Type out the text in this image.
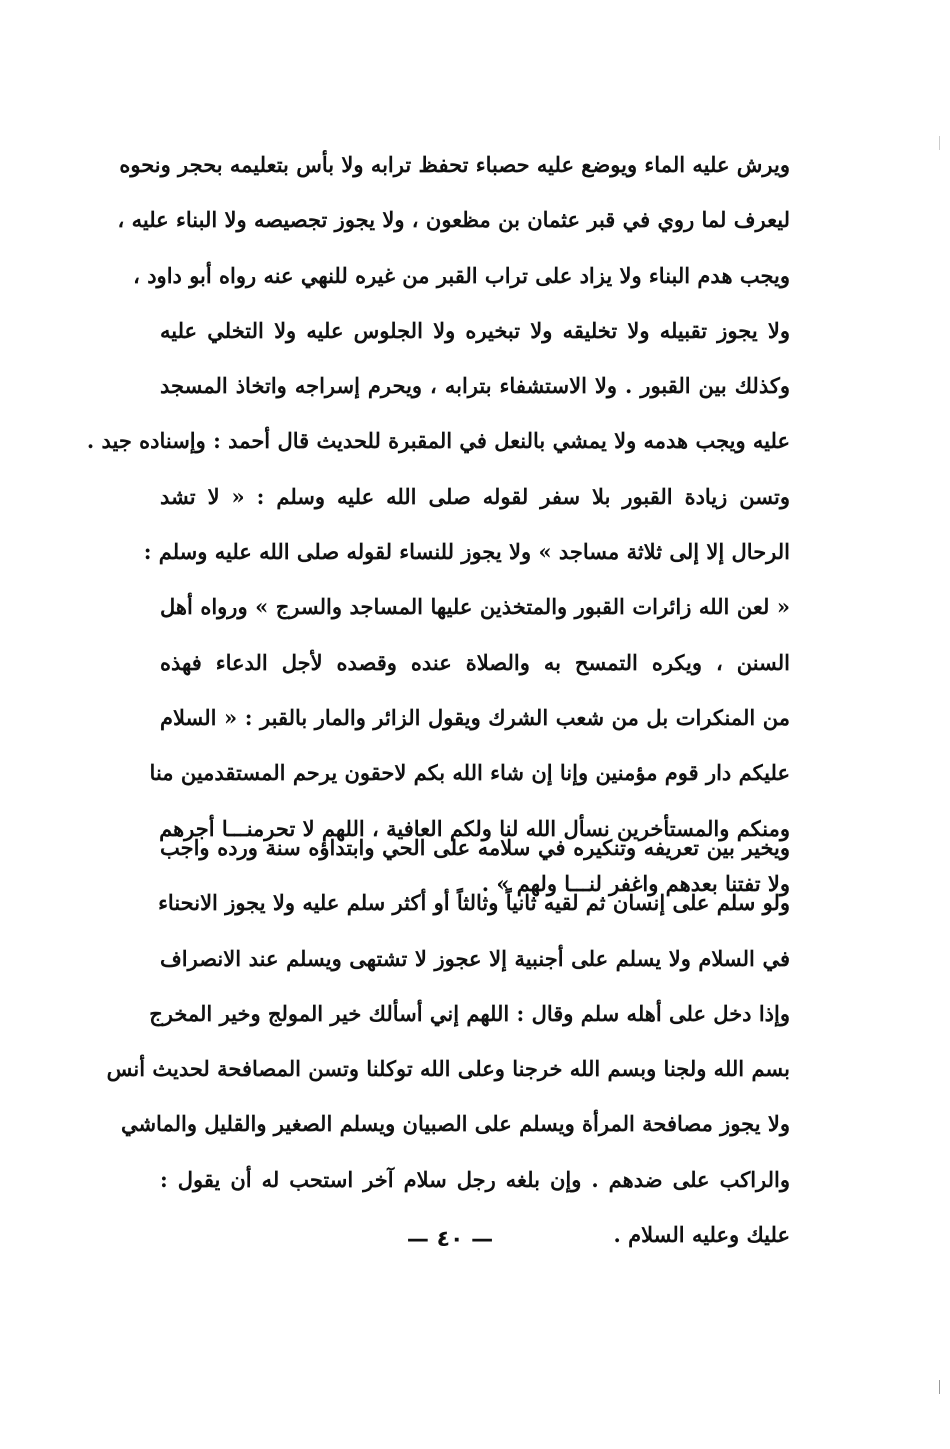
ويرش عليه الماء ويوضع عليه حصباء تحفظ ترابه ولا بأس بتعليمه بحجر ونحوه
ليعرف لما روي في قبر عثمان بن مظعون ، ولا يجوز تجصيصه ولا البناء عليه ،
ويجب هدم البناء ولا يزاد على تراب القبر من غيره للنهي عنه رواه أبو داود ،
ولا يجوز تقبيله ولا تخليقه ولا تبخيره ولا الجلوس عليه ولا التخلي عليه
وكذلك بين القبور . ولا الاستشفاء بترابه ، ويحرم إسراجه واتخاذ المسجد
عليه ويجب هدمه ولا يمشي بالنعل في المقبرة للحديث قال أحمد : وإسناده جيد .
وتسن زيادة القبور بلا سفر لقوله صلى الله عليه وسلم : « لا تشد
الرحال إلا إلى ثلاثة مساجد » ولا يجوز للنساء لقوله صلى الله عليه وسلم :
« لعن الله زائرات القبور والمتخذين عليها المساجد والسرج » ورواه أهل
السنن ، ويكره التمسح به والصلاة عنده وقصده لأجل الدعاء فهذه
من المنكرات بل من شعب الشرك ويقول الزائر والمار بالقبر : « السلام
عليكم دار قوم مؤمنين وإنا إن شاء الله بكم لاحقون يرحم المستقدمين منا
ومنكم والمستأخرين نسأل الله لنا ولكم العافية ، اللهم لا تحرمنـــا أجرهم
ولا تفتنا بعدهم واغفر لنـــا ولهم » .
ويخير بين تعريفه وتنكيره في سلامه على الحي وابتداؤه سنة ورده واجب
ولو سلم على إنسان ثم لقيه ثانياً وثالثاً أو أكثر سلم عليه ولا يجوز الانحناء
في السلام ولا يسلم على أجنبية إلا عجوز لا تشتهى ويسلم عند الانصراف
وإذا دخل على أهله سلم وقال : اللهم إني أسألك خير المولج وخير المخرج
بسم الله ولجنا وبسم الله خرجنا وعلى الله توكلنا وتسن المصافحة لحديث أنس
ولا يجوز مصافحة المرأة ويسلم على الصبيان ويسلم الصغير والقليل والماشي
والراكب على ضدهم . وإن بلغه رجل سلام آخر استحب له أن يقول :
عليك وعليه السلام .
— ٤٠ —
